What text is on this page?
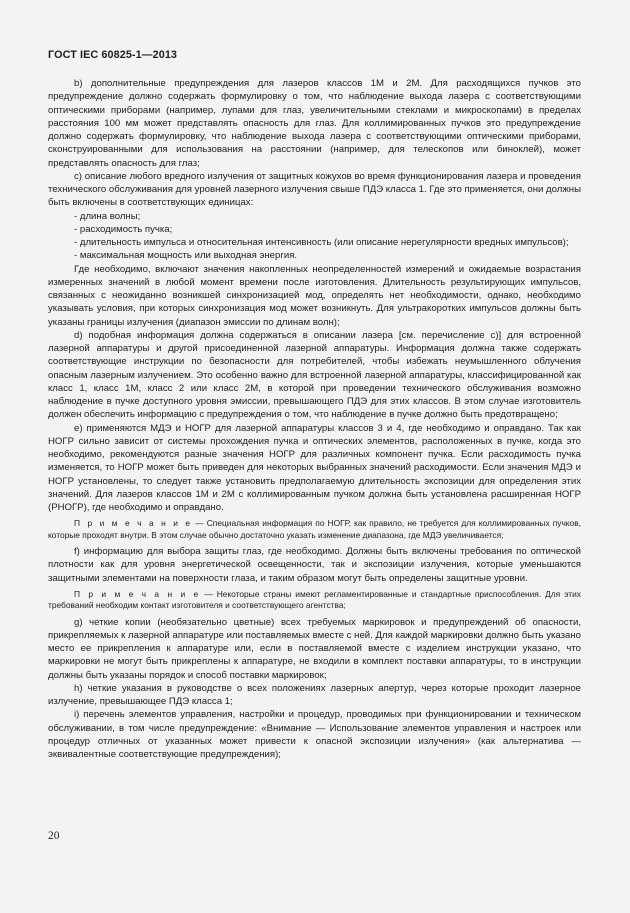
ГОСТ IEC 60825-1—2013

b) дополнительные предупреждения для лазеров классов 1M и 2M. Для расходящихся пучков это предупреждение должно содержать формулировку о том, что наблюдение выхода лазера с соответствующими оптическими приборами (например, лупами для глаз, увеличительными стеклами и микроскопами) в пределах расстояния 100 мм может представлять опасность для глаз. Для коллимированных пучков это предупреждение должно содержать формулировку, что наблюдение выхода лазера с соответствующими оптическими приборами, сконструированными для использования на расстоянии (например, для телескопов или биноклей), может представлять опасность для глаз;

c) описание любого вредного излучения от защитных кожухов во время функционирования лазера и проведения технического обслуживания для уровней лазерного излучения свыше ПДЭ класса 1. Где это применяется, они должны быть включены в соответствующих единицах:

- длина волны;

- расходимость пучка;

- длительность импульса и относительная интенсивность (или описание нерегулярности вредных импульсов);

- максимальная мощность или выходная энергия.

Где необходимо, включают значения накопленных неопределенностей измерений и ожидаемые возрастания измеренных значений в любой момент времени после изготовления. Длительность результирующих импульсов, связанных с неожиданно возникшей синхронизацией мод, определять нет необходимости, однако, необходимо указывать условия, при которых синхронизация мод может возникнуть. Для ультракоротких импульсов должны быть указаны границы излучения (диапазон эмиссии по длинам волн);

d) подобная информация должна содержаться в описании лазера [см. перечисление c)] для встроенной лазерной аппаратуры и другой присоединенной лазерной аппаратуры. Информация должна также содержать соответствующие инструкции по безопасности для потребителей, чтобы избежать неумышленного облучения опасным лазерным излучением. Это особенно важно для встроенной лазерной аппаратуры, классифицированной как класс 1, класс 1M, класс 2 или класс 2M, в которой при проведении технического обслуживания возможно наблюдение в пучке доступного уровня эмиссии, превышающего ПДЭ для этих классов. В этом случае изготовитель должен обеспечить информацию с предупреждения о том, что наблюдение в пучке должно быть предотвращено;

e) применяются МДЭ и НОГР для лазерной аппаратуры классов 3 и 4, где необходимо и оправдано. Так как НОГР сильно зависит от системы прохождения пучка и оптических элементов, расположенных в пучке, когда это необходимо, рекомендуются разные значения НОГР для различных компонент пучка. Если расходимость пучка изменяется, то НОГР может быть приведен для некоторых выбранных значений расходимости. Если значения МДЭ и НОГР установлены, то следует также установить предполагаемую длительность экспозиции для определения этих значений. Для лазеров классов 1M и 2M с коллимированным пучком должна быть установлена расширенная НОГР (РНОГР), где необходимо и оправдано.

П р и м е ч а н и е — Специальная информация по НОГР, как правило, не требуется для коллимированных пучков, которые проходят внутри. В этом случае обычно достаточно указать изменение диапазона, где МДЭ увеличивается;

f) информацию для выбора защиты глаз, где необходимо. Должны быть включены требования по оптической плотности как для уровня энергетической освещенности, так и экспозиции излучения, которые уменьшаются защитными элементами на поверхности глаза, и таким образом могут быть определены защитные уровни.

П р и м е ч а н и е — Некоторые страны имеют регламентированные и стандартные приспособления. Для этих требований необходим контакт изготовителя и соответствующего агентства;

g) четкие копии (необязательно цветные) всех требуемых маркировок и предупреждений об опасности, прикрепляемых к лазерной аппаратуре или поставляемых вместе с ней. Для каждой маркировки должно быть указано место ее прикрепления к аппаратуре или, если в поставляемой вместе с изделием инструкции указано, что маркировки не могут быть прикреплены к аппаратуре, не входили в комплект поставки аппаратуры, то в инструкции должны быть указаны порядок и способ поставки маркировок;

h) четкие указания в руководстве о всех положениях лазерных апертур, через которые проходит лазерное излучение, превышающее ПДЭ класса 1;

i) перечень элементов управления, настройки и процедур, проводимых при функционировании и техническом обслуживании, в том числе предупреждение: «Внимание — Использование элементов управления и настроек или процедур отличных от указанных может привести к опасной экспозиции излучения» (как альтернатива — эквивалентные соответствующие предупреждения);

20
